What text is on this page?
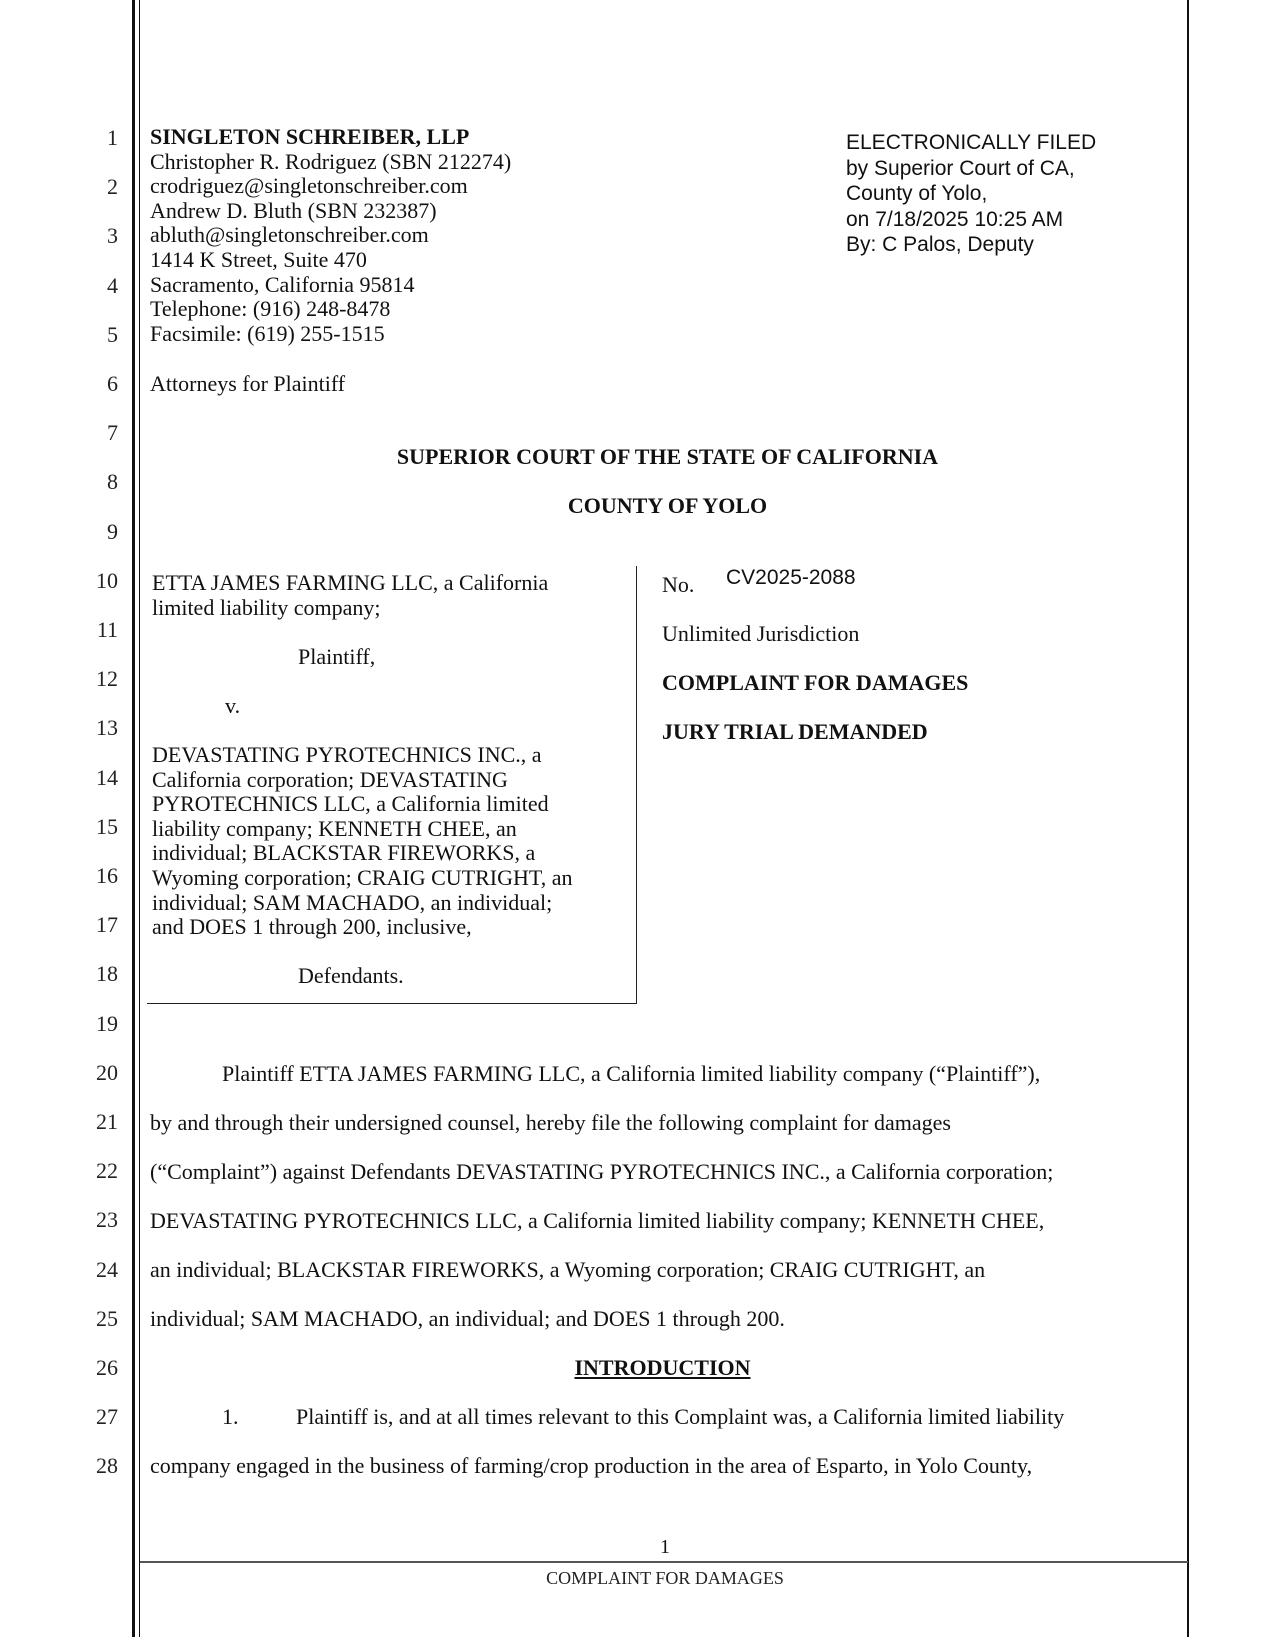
1
2
3
4
5
6
7
8
9
10
11
12
13
14
15
16
17
18
19
20
21
22
23
24
25
26
27
28
SINGLETON SCHREIBER, LLP
Christopher R. Rodriguez (SBN 212274)
crodriguez@singletonschreiber.com
Andrew D. Bluth (SBN 232387)
abluth@singletonschreiber.com
1414 K Street, Suite 470
Sacramento, California 95814
Telephone: (916) 248-8478
Facsimile: (619) 255-1515
Attorneys for Plaintiff
ELECTRONICALLY FILED
by Superior Court of CA,
County of Yolo,
on 7/18/2025 10:25 AM
By: C Palos, Deputy
SUPERIOR COURT OF THE STATE OF CALIFORNIA
COUNTY OF YOLO
ETTA JAMES FARMING LLC, a California
limited liability company;
Plaintiff,
v.
DEVASTATING PYROTECHNICS INC., a
California corporation; DEVASTATING
PYROTECHNICS LLC, a California limited
liability company; KENNETH CHEE, an
individual; BLACKSTAR FIREWORKS, a
Wyoming corporation; CRAIG CUTRIGHT, an
individual; SAM MACHADO, an individual;
and DOES 1 through 200, inclusive,
Defendants.
No. CV2025-2088
Unlimited Jurisdiction
COMPLAINT FOR DAMAGES
JURY TRIAL DEMANDED
Plaintiff ETTA JAMES FARMING LLC, a California limited liability company (“Plaintiff”),
by and through their undersigned counsel, hereby file the following complaint for damages
(“Complaint”) against Defendants DEVASTATING PYROTECHNICS INC., a California corporation;
DEVASTATING PYROTECHNICS LLC, a California limited liability company; KENNETH CHEE,
an individual; BLACKSTAR FIREWORKS, a Wyoming corporation; CRAIG CUTRIGHT, an
individual; SAM MACHADO, an individual; and DOES 1 through 200.
INTRODUCTION
1.	Plaintiff is, and at all times relevant to this Complaint was, a California limited liability
company engaged in the business of farming/crop production in the area of Esparto, in Yolo County,
1
COMPLAINT FOR DAMAGES
